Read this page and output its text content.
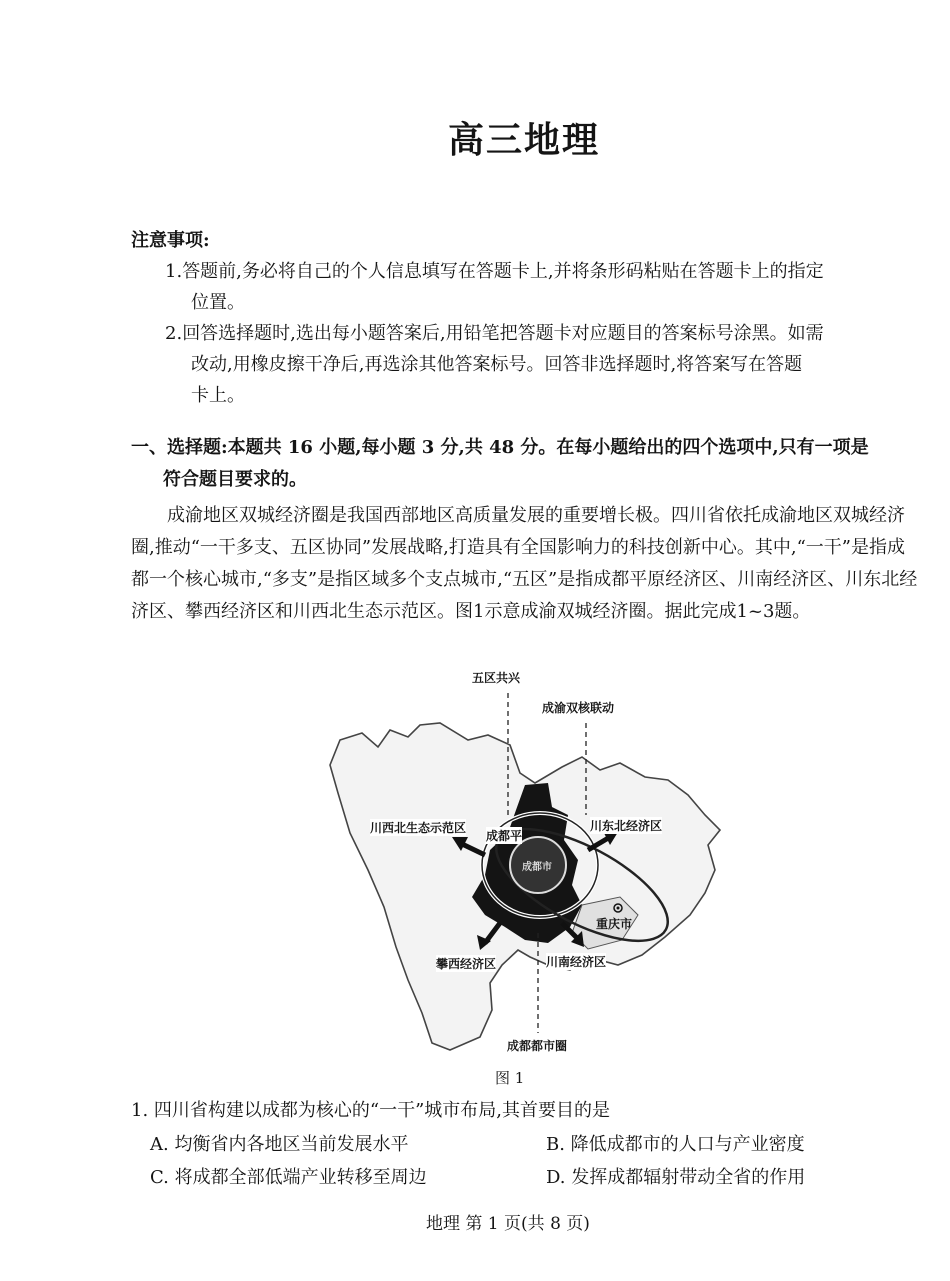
高三地理
注意事项:
1.答题前,务必将自己的个人信息填写在答题卡上,并将条形码粘贴在答题卡上的指定
位置。
2.回答选择题时,选出每小题答案后,用铅笔把答题卡对应题目的答案标号涂黑。如需
改动,用橡皮擦干净后,再选涂其他答案标号。回答非选择题时,将答案写在答题
卡上。
一、选择题:本题共 16 小题,每小题 3 分,共 48 分。在每小题给出的四个选项中,只有一项是
符合题目要求的。
成渝地区双城经济圈是我国西部地区高质量发展的重要增长极。四川省依托成渝地区双城经济圈,推动“一干多支、五区协同”发展战略,打造具有全国影响力的科技创新中心。其中,“一干”是指成都一个核心城市,“多支”是指区域多个支点城市,“五区”是指成都平原经济区、川南经济区、川东北经济区、攀西经济区和川西北生态示范区。图1示意成渝双城经济圈。据此完成1~3题。
五区共兴
成渝双核联动
川西北生态示范区
成都平
川东北经济区
成都市
重庆市
攀西经济区	川南经济区
成都都市圈
图 1
1. 四川省构建以成都为核心的“一干”城市布局,其首要目的是
A. 均衡省内各地区当前发展水平	B. 降低成都市的人口与产业密度
C. 将成都全部低端产业转移至周边	D. 发挥成都辐射带动全省的作用
地理 第 1 页(共 8 页)
